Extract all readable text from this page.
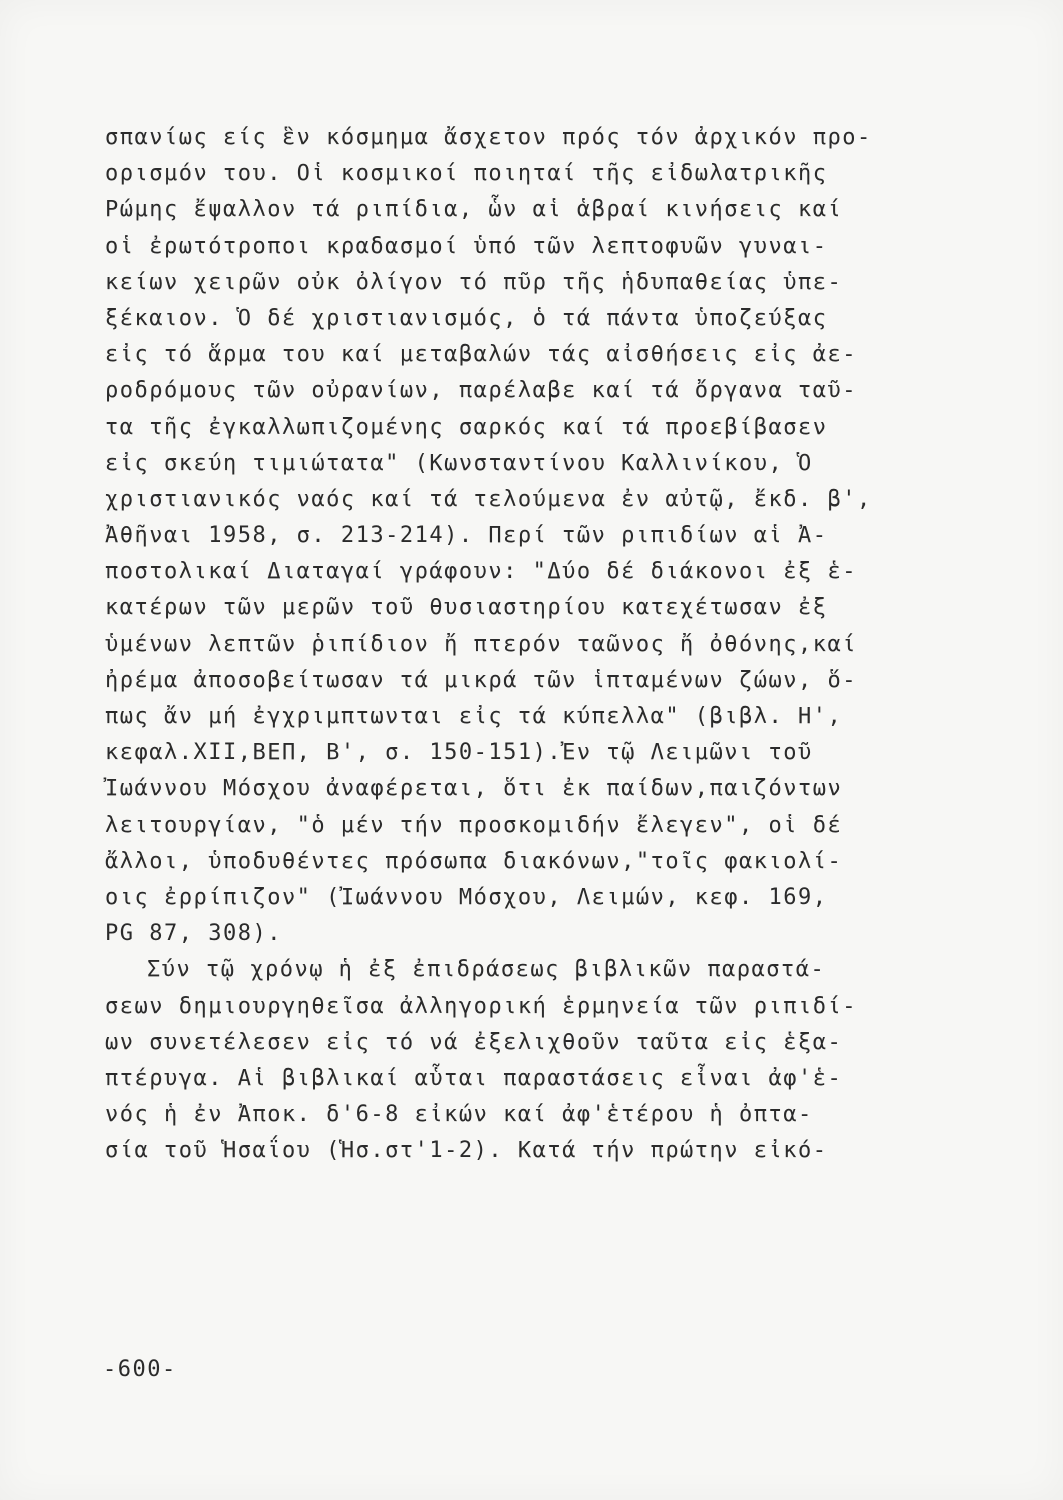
σπανίως είς ἓν κόσμημα ἄσχετον πρός τόν ἀρχικόν προ-
ορισμόν του. Οἱ κοσμικοί ποιηταί τῆς εἰδωλατρικῆς
Ρώμης ἔψαλλον τά ριπίδια, ὧν αἱ ἁβραί κινήσεις καί
οἱ ἐρωτότροποι κραδασμοί ὑπό τῶν λεπτοφυῶν γυναι-
κείων χειρῶν οὐκ ὀλίγον τό πῦρ τῆς ἡδυπαθείας ὑπε-
ξέκαιον. Ὁ δέ χριστιανισμός, ὁ τά πάντα ὑποζεύξας
εἰς τό ἅρμα του καί μεταβαλών τάς αἰσθήσεις εἰς ἀε-
ροδρόμους τῶν οὐρανίων, παρέλαβε καί τά ὄργανα ταῦ-
τα τῆς ἐγκαλλωπιζομένης σαρκός καί τά προεβίβασεν
εἰς σκεύη τιμιώτατα" (Κωνσταντίνου Καλλινίκου, Ὁ
χριστιανικός ναός καί τά τελούμενα ἐν αὐτῷ, ἔκδ. β',
Ἀθῆναι 1958, σ. 213-214). Περί τῶν ριπιδίων αἱ Ἀ-
ποστολικαί Διαταγαί γράφουν: "Δύο δέ διάκονοι ἐξ ἑ-
κατέρων τῶν μερῶν τοῦ θυσιαστηρίου κατεχέτωσαν ἐξ
ὑμένων λεπτῶν ῥιπίδιον ἤ πτερόν ταῶνος ἤ ὀθόνης,καί
ἠρέμα ἀποσοβείτωσαν τά μικρά τῶν ἱπταμένων ζώων, ὅ-
πως ἄν μή ἐγχριμπτωνται εἰς τά κύπελλα" (βιβλ. Η',
κεφαλ.XII,ΒΕΠ, Β', σ. 150-151).Ἐν τῷ Λειμῶνι τοῦ
Ἰωάννου Μόσχου ἀναφέρεται, ὅτι ἐκ παίδων,παιζόντων
λειτουργίαν, "ὁ μέν τήν προσκομιδήν ἔλεγεν", οἱ δέ
ἄλλοι, ὑποδυθέντες πρόσωπα διακόνων,"τοῖς φακιολί-
οις ἐρρίπιζον" (Ἰωάννου Μόσχου, Λειμών, κεφ. 169,
PG 87, 308).
Σύν τῷ χρόνῳ ἡ ἐξ ἐπιδράσεως βιβλικῶν παραστά-
σεων δημιουργηθεῖσα ἀλληγορική ἑρμηνεία τῶν ριπιδί-
ων συνετέλεσεν εἰς τό νά ἐξελιχθοῦν ταῦτα εἰς ἑξα-
πτέρυγα. Αἱ βιβλικαί αὗται παραστάσεις εἶναι ἀφ'ἑ-
νός ἡ ἐν Ἀποκ. δ'6-8 εἰκών καί ἀφ'ἑτέρου ἡ ὀπτα-
σία τοῦ Ἡσαΐου (Ἡσ.στ'1-2). Κατά τήν πρώτην εἰκό-
-600-
